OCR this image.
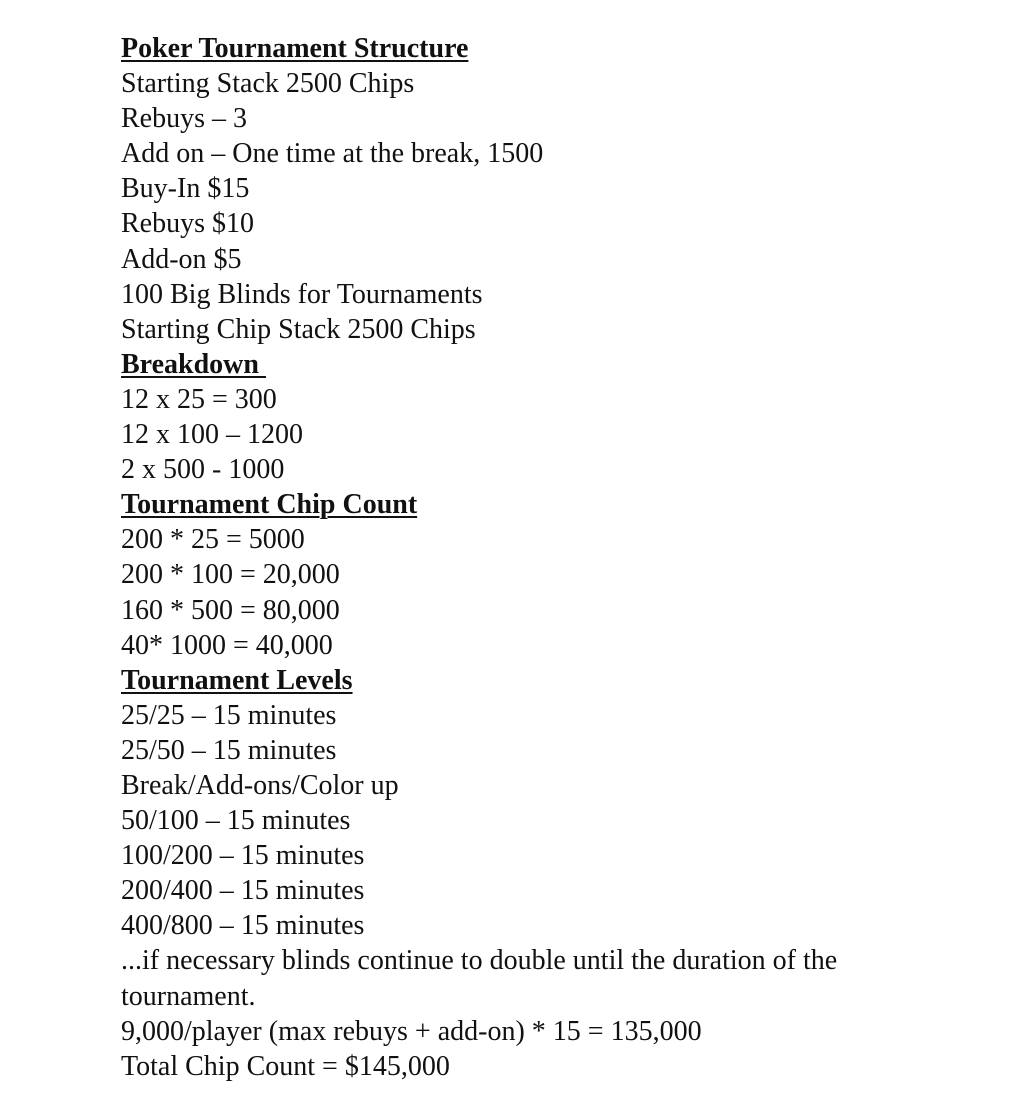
Poker Tournament Structure
Starting Stack 2500 Chips
Rebuys – 3
Add on – One time at the break, 1500
Buy-In $15
Rebuys $10
Add-on $5
100 Big Blinds for Tournaments
Starting Chip Stack 2500 Chips
Breakdown
12 x 25 = 300
12 x 100 – 1200
2 x 500 - 1000
Tournament Chip Count
200 * 25 = 5000
200 * 100 = 20,000
160 * 500 = 80,000
40* 1000 = 40,000
Tournament Levels
25/25 – 15 minutes
25/50 – 15 minutes
Break/Add-ons/Color up
50/100 – 15 minutes
100/200 – 15 minutes
200/400 – 15 minutes
400/800 – 15 minutes
...if necessary blinds continue to double until the duration of the tournament.
9,000/player (max rebuys + add-on) * 15 = 135,000
Total Chip Count = $145,000
